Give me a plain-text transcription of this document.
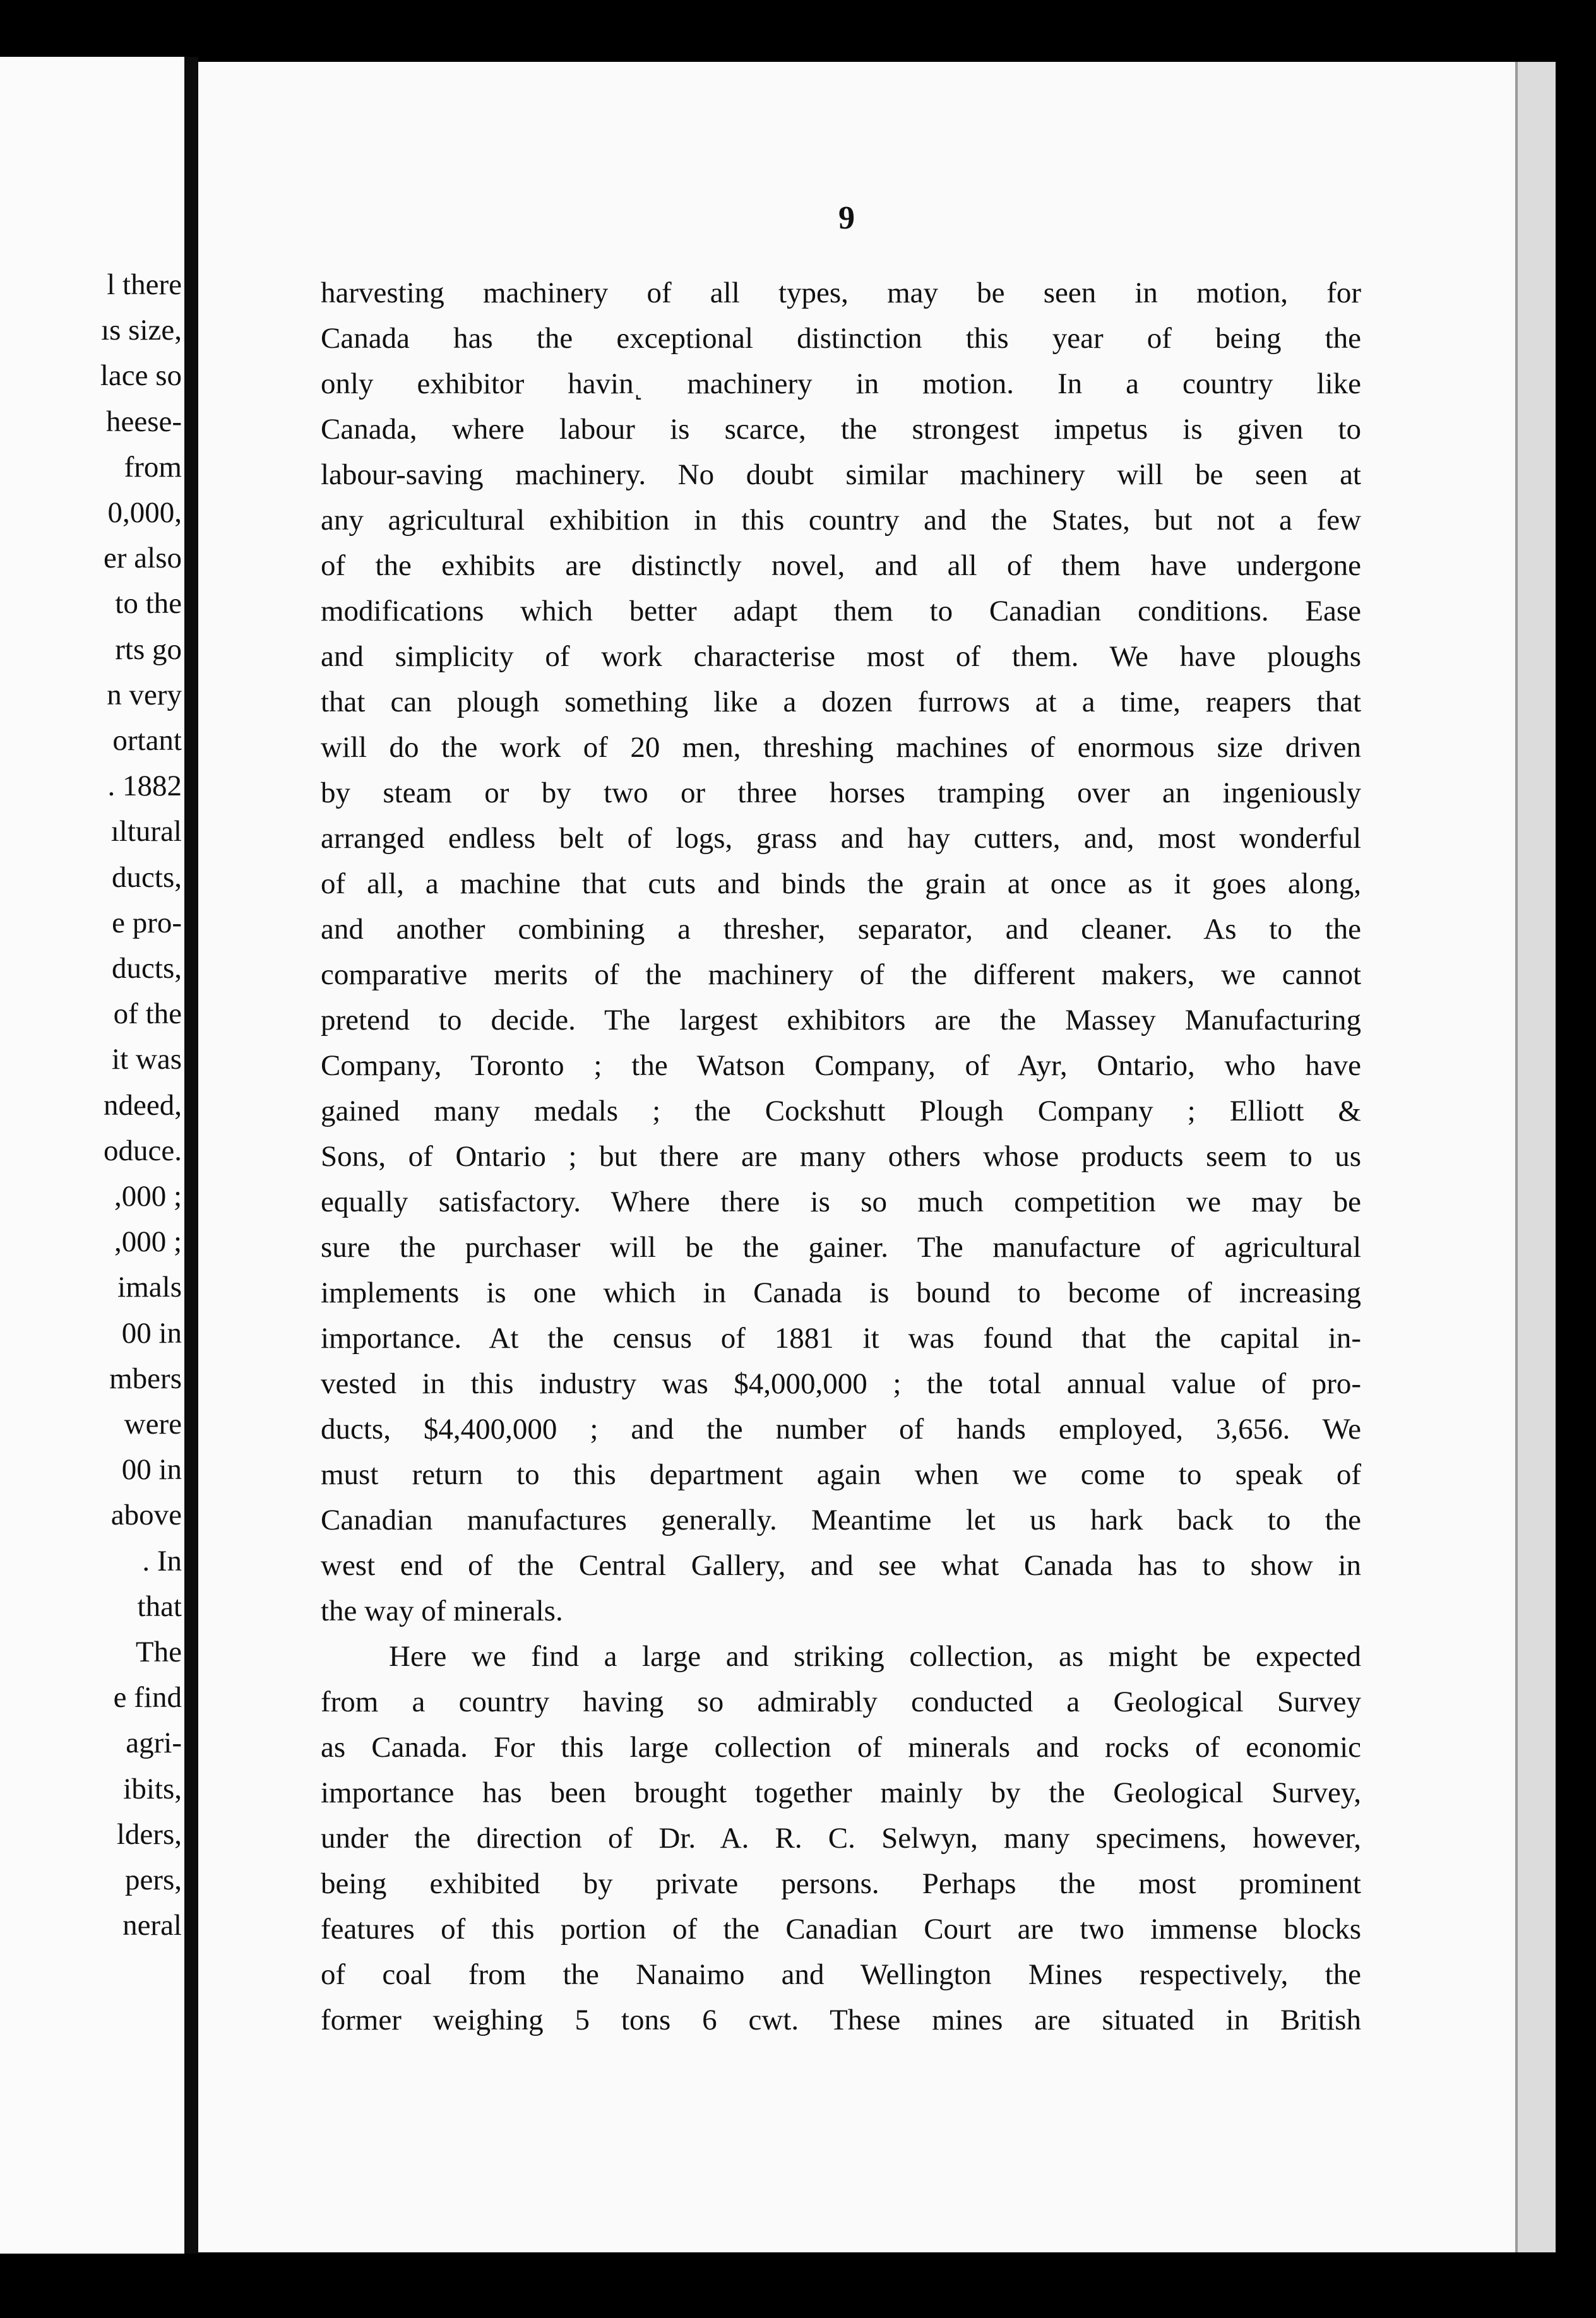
l there

ıs size,

lace so

heese-

from

0,000,

er also

to the

rts go

n very

ortant

. 1882

ıltural

ducts,

e pro-

ducts,

of the

it was

ndeed,

oduce.

,000 ;

,000 ;

imals

00 in

mbers

were

00 in

above

. In

that

The

e find

agri-

ibits,

lders,

pers,

neral

9

harvesting machinery of all types, may be seen in motion, for

Canada has the exceptional distinction this year of being the

only exhibitor havin˻ machinery in motion. In a country like

Canada, where labour is scarce, the strongest impetus is given to

labour-saving machinery. No doubt similar machinery will be seen at

any agricultural exhibition in this country and the States, but not a few

of the exhibits are distinctly novel, and all of them have undergone

modifications which better adapt them to Canadian conditions. Ease

and simplicity of work characterise most of them. We have ploughs

that can plough something like a dozen furrows at a time, reapers that

will do the work of 20 men, threshing machines of enormous size driven

by steam or by two or three horses tramping over an ingeniously

arranged endless belt of logs, grass and hay cutters, and, most wonderful

of all, a machine that cuts and binds the grain at once as it goes along,

and another combining a thresher, separator, and cleaner. As to the

comparative merits of the machinery of the different makers, we cannot

pretend to decide. The largest exhibitors are the Massey Manufacturing

Company, Toronto ; the Watson Company, of Ayr, Ontario, who have

gained many medals ; the Cockshutt Plough Company ; Elliott &

Sons, of Ontario ; but there are many others whose products seem to us

equally satisfactory. Where there is so much competition we may be

sure the purchaser will be the gainer. The manufacture of agricultural

implements is one which in Canada is bound to become of increasing

importance. At the census of 1881 it was found that the capital in-

vested in this industry was $4,000,000 ; the total annual value of pro-

ducts, $4,400,000 ; and the number of hands employed, 3,656. We

must return to this department again when we come to speak of

Canadian manufactures generally. Meantime let us hark back to the

west end of the Central Gallery, and see what Canada has to show in

the way of minerals.

Here we find a large and striking collection, as might be expected

from a country having so admirably conducted a Geological Survey

as Canada. For this large collection of minerals and rocks of economic

importance has been brought together mainly by the Geological Survey,

under the direction of Dr. A. R. C. Selwyn, many specimens, however,

being exhibited by private persons. Perhaps the most prominent

features of this portion of the Canadian Court are two immense blocks

of coal from the Nanaimo and Wellington Mines respectively, the

former weighing 5 tons 6 cwt. These mines are situated in British
